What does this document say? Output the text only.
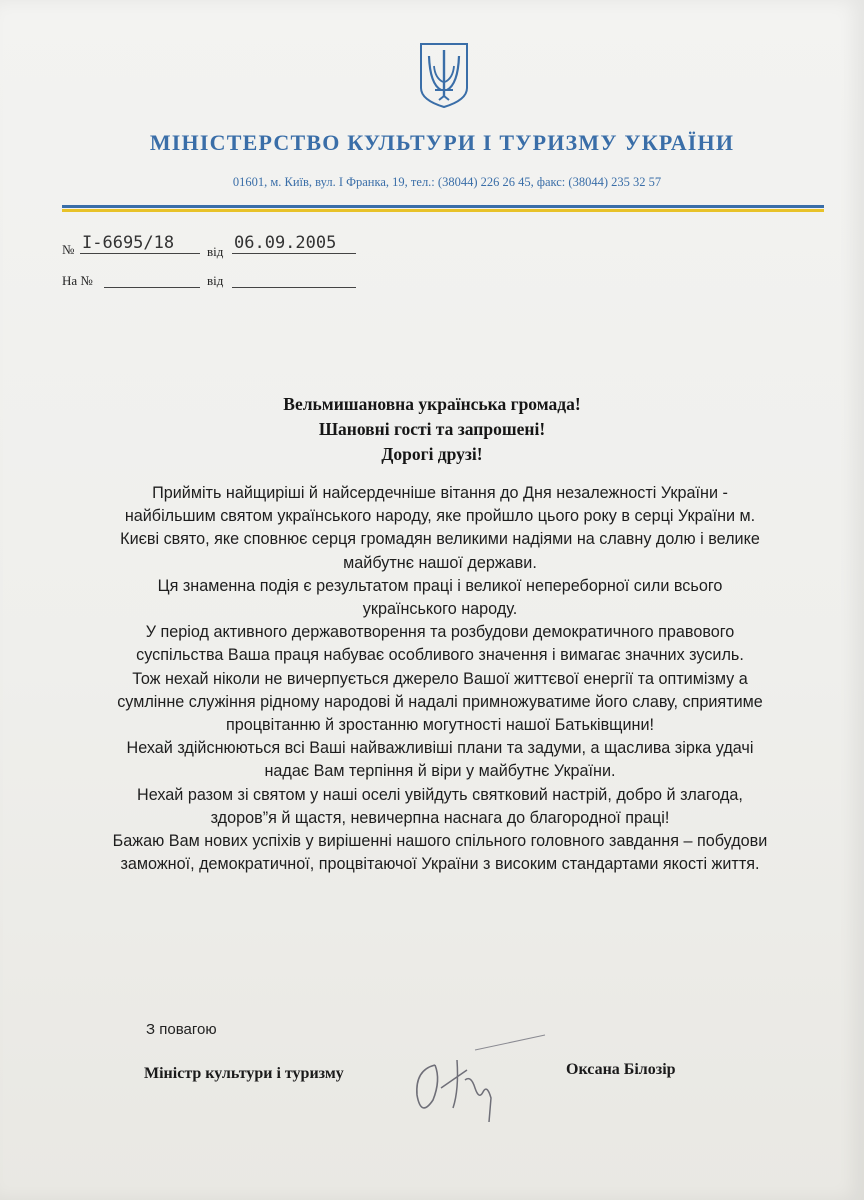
МІНІСТЕРСТВО КУЛЬТУРИ І ТУРИЗМУ УКРАЇНИ
01601, м. Київ, вул. І Франка, 19, тел.: (38044) 226 26 45, факс: (38044) 235 32 57
№ І-6695/18	від 06.09.2005
На №	від
Вельмишановна українська громада!
Шановні гості та запрошені!
Дорогі друзі!

Прийміть найщиріші й найсердечніше вітання до Дня незалежності України - найбільшим святом українського народу, яке пройшло цього року в серці України м. Києві свято, яке сповнює серця громадян великими надіями на славну долю і велике майбутнє нашої держави.

Ця знаменна подія є результатом праці і великої непереборної сили всього українського народу.

У період активного державотворення та розбудови демократичного правового суспільства Ваша праця набуває особливого значення і вимагає значних зусиль.

Тож нехай ніколи не вичерпується джерело Вашої життєвої енергії та оптимізму а сумлінне служіння рідному народові й надалі примножуватиме його славу, сприятиме процвітанню й зростанню могутності нашої Батьківщини!

Нехай здійснюються всі Ваші найважливіші плани та задуми, а щаслива зірка удачі надає Вам терпіння й віри у майбутнє України.

Нехай разом зі святом у наші оселі увійдуть святковий настрій, добро й злагода, здоров”я й щастя, невичерпна наснага до благородної праці!

Бажаю Вам нових успіхів у вирішенні нашого спільного головного завдання – побудови заможної, демократичної, процвітаючої України з високим стандартами якості життя.

З повагою
Міністр культури і туризму	Оксана Білозір
